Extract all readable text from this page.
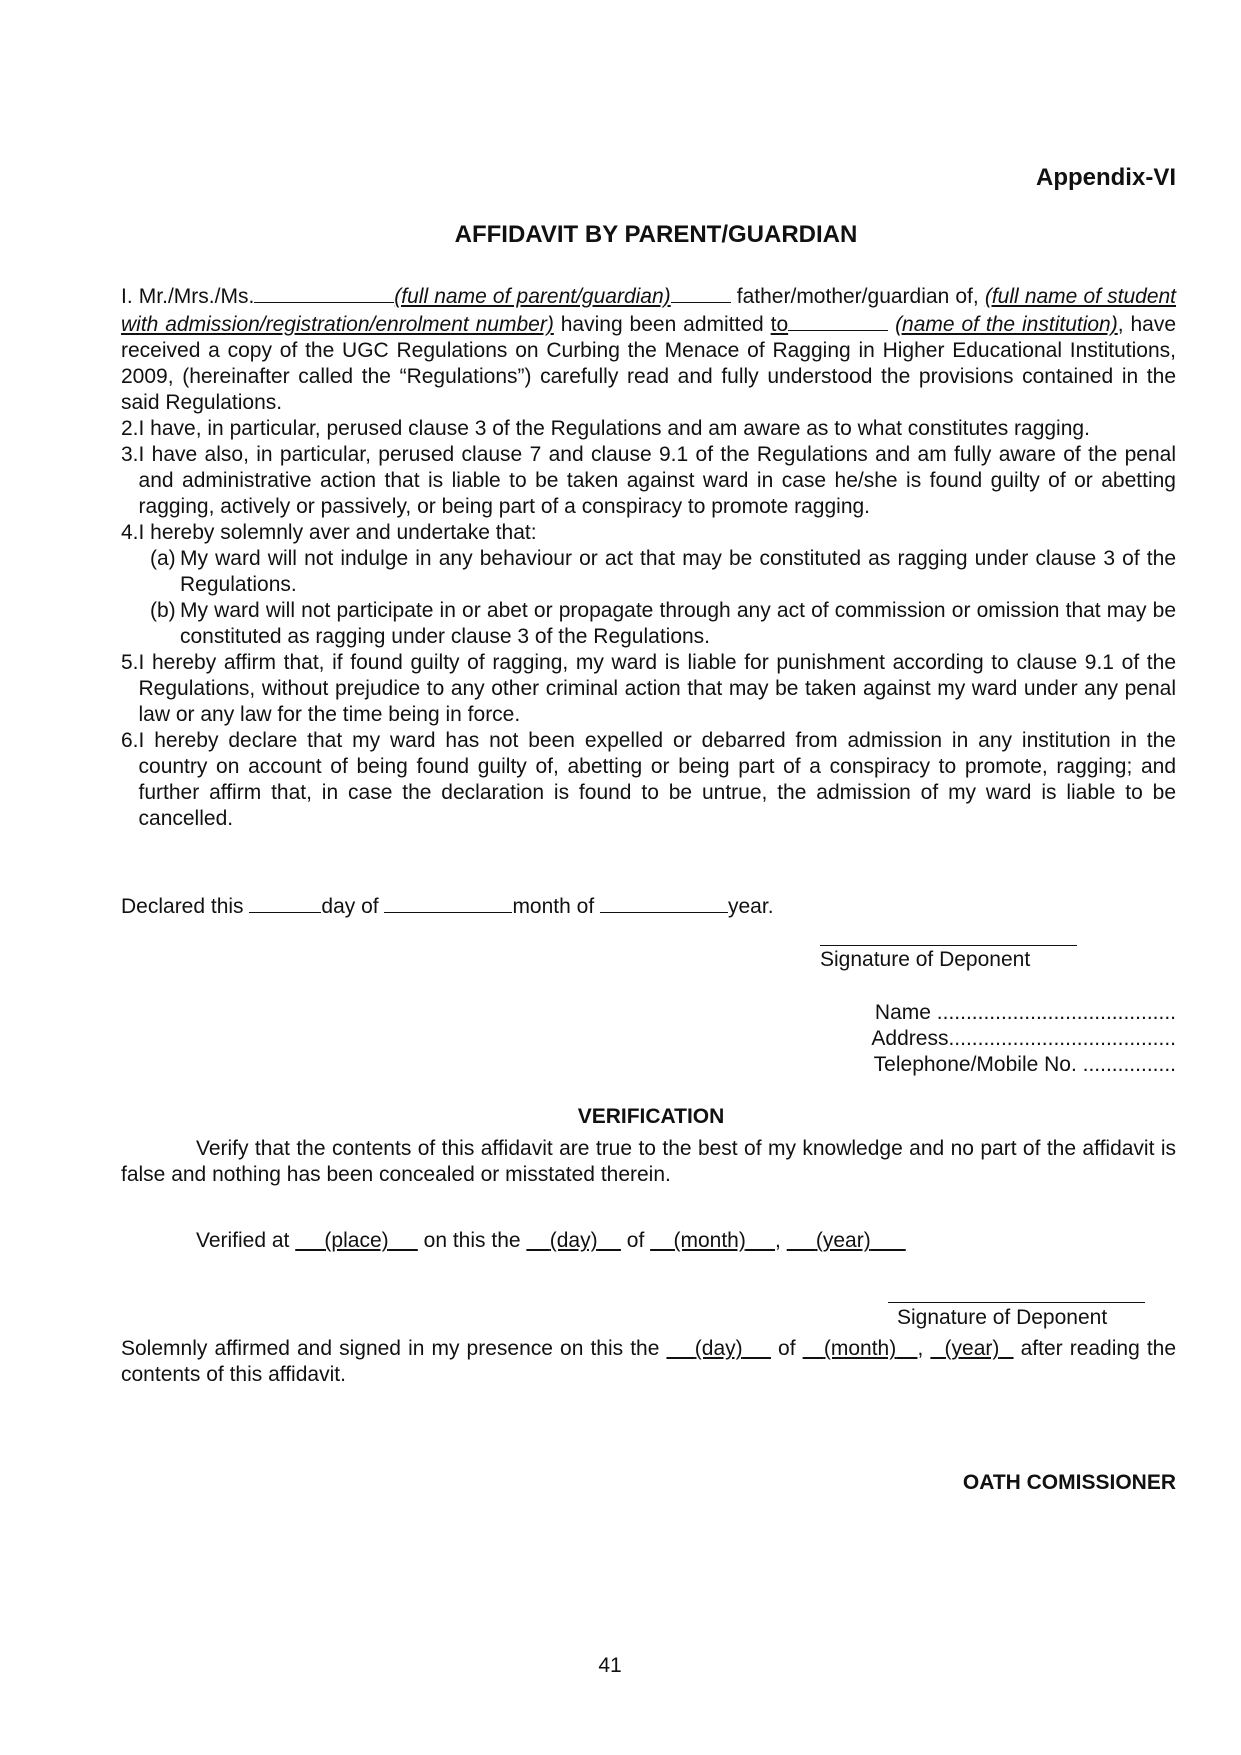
Appendix-VI
AFFIDAVIT BY PARENT/GUARDIAN

I. Mr./Mrs./Ms.	(full name of parent/guardian)	father/mother/guardian of, (full name of student with admission/registration/enrolment number) having been admitted to	(name of the institution), have received a copy of the UGC Regulations on Curbing the Menace of Ragging in Higher Educational Institutions, 2009, (hereinafter called the “Regulations”) carefully read and fully understood the provisions contained in the said Regulations.

2. I have, in particular, perused clause 3 of the Regulations and am aware as to what constitutes ragging.
3. I have also, in particular, perused clause 7 and clause 9.1 of the Regulations and am fully aware of the penal and administrative action that is liable to be taken against ward in case he/she is found guilty of or abetting ragging, actively or passively, or being part of a conspiracy to promote ragging.
4. I hereby solemnly aver and undertake that:
(a) My ward will not indulge in any behaviour or act that may be constituted as ragging under clause 3 of the Regulations.
(b) My ward will not participate in or abet or propagate through any act of commission or omission that may be constituted as ragging under clause 3 of the Regulations.
5. I hereby affirm that, if found guilty of ragging, my ward is liable for punishment according to clause 9.1 of the Regulations, without prejudice to any other criminal action that may be taken against my ward under any penal law or any law for the time being in force.
6. I hereby declare that my ward has not been expelled or debarred from admission in any institution in the country on account of being found guilty of, abetting or being part of a conspiracy to promote, ragging; and further affirm that, in case the declaration is found to be untrue, the admission of my ward is liable to be cancelled.
Declared this	day of	month of	year.
Signature of Deponent
Name .........................................
Address.......................................
Telephone/Mobile No. ................
VERIFICATION
Verify that the contents of this affidavit are true to the best of my knowledge and no part of the affidavit is false and nothing has been concealed or misstated therein.
Verified at      (place)      on this the     (day)     of     (month) ,      (year)
Signature of Deponent
Solemnly affirmed and signed in my presence on this the     (day)     of    (month) ,   (year)   after reading the contents of this affidavit.
OATH COMISSIONER
41
